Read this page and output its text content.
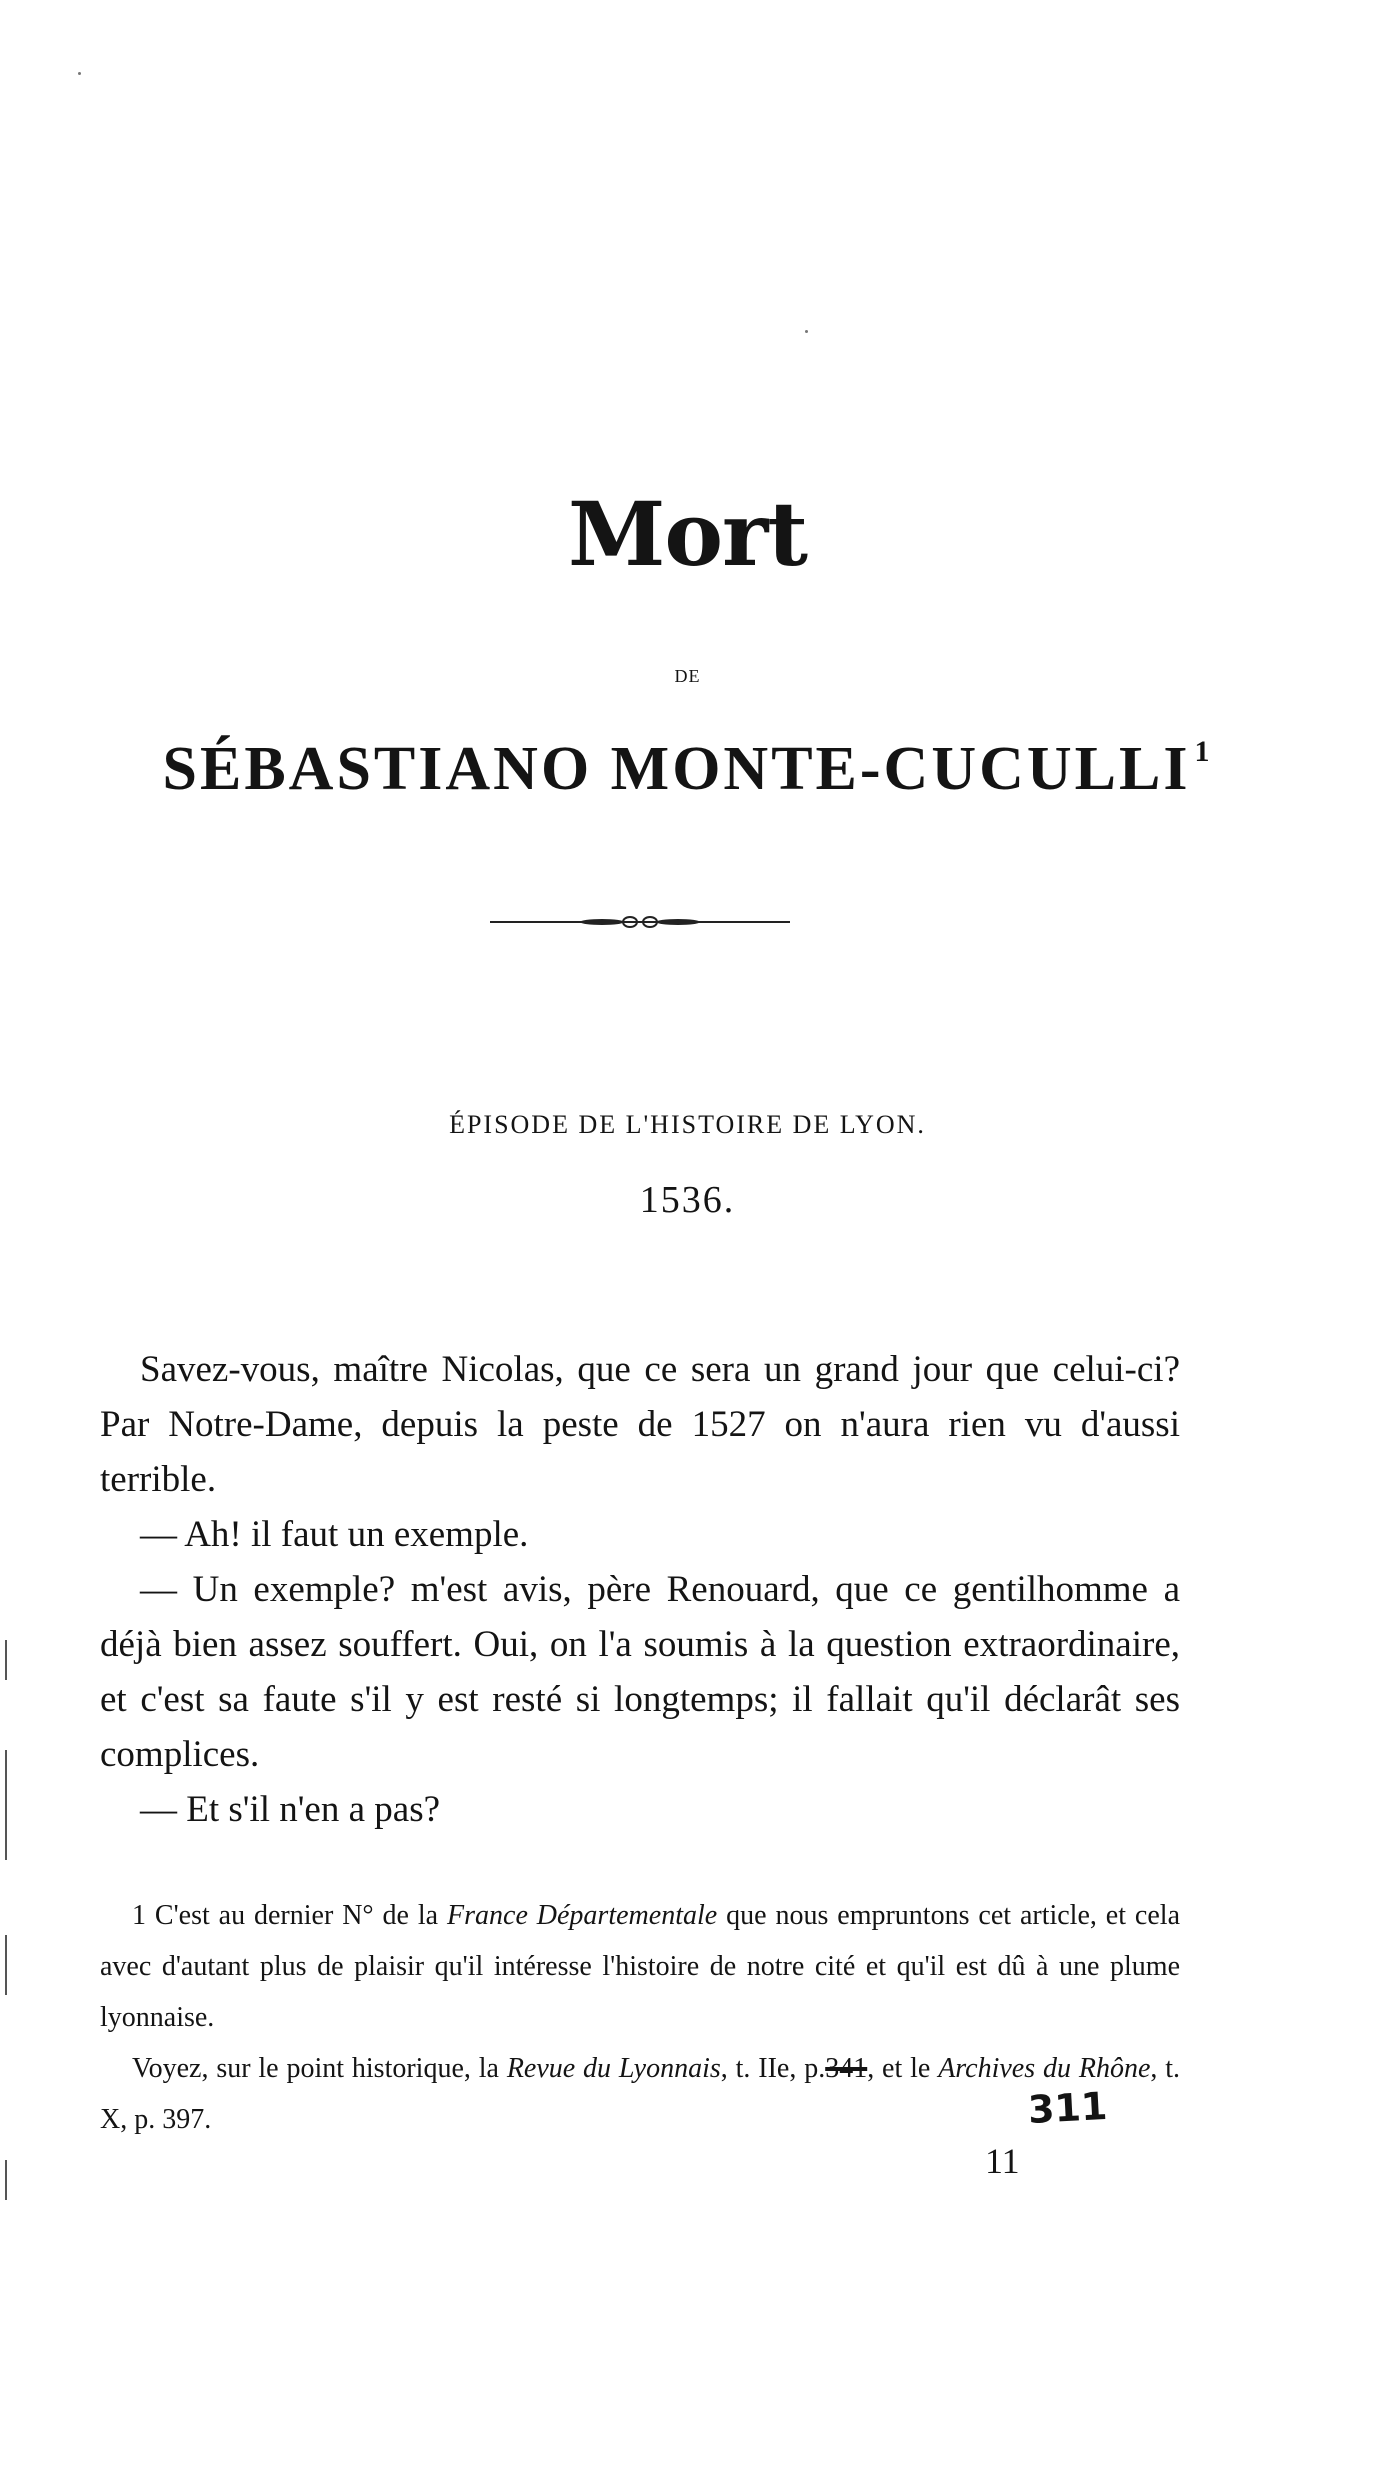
Mort
DE
SÉBASTIANO MONTE-CUCULLI $^1$
ÉPISODE DE L'HISTOIRE DE LYON.
1536.

Savez-vous, maître Nicolas, que ce sera un grand jour que celui-ci? Par Notre-Dame, depuis la peste de 1527 on n'aura rien vu d'aussi terrible.

— Ah! il faut un exemple.

— Un exemple? m'est avis, père Renouard, que ce gentilhomme a déjà bien assez souffert. Oui, on l'a soumis à la question extraordinaire, et c'est sa faute s'il y est resté si longtemps; il fallait qu'il déclarât ses complices.

— Et s'il n'en a pas?

1 C'est au dernier N° de la France Départementale que nous empruntons cet article, et cela avec d'autant plus de plaisir qu'il intéresse l'histoire de notre cité et qu'il est dû à une plume lyonnaise.

Voyez, sur le point historique, la Revue du Lyonnais, t. IIe, p.341, et le Archives du Rhône, t. X, p. 397.	311
11
